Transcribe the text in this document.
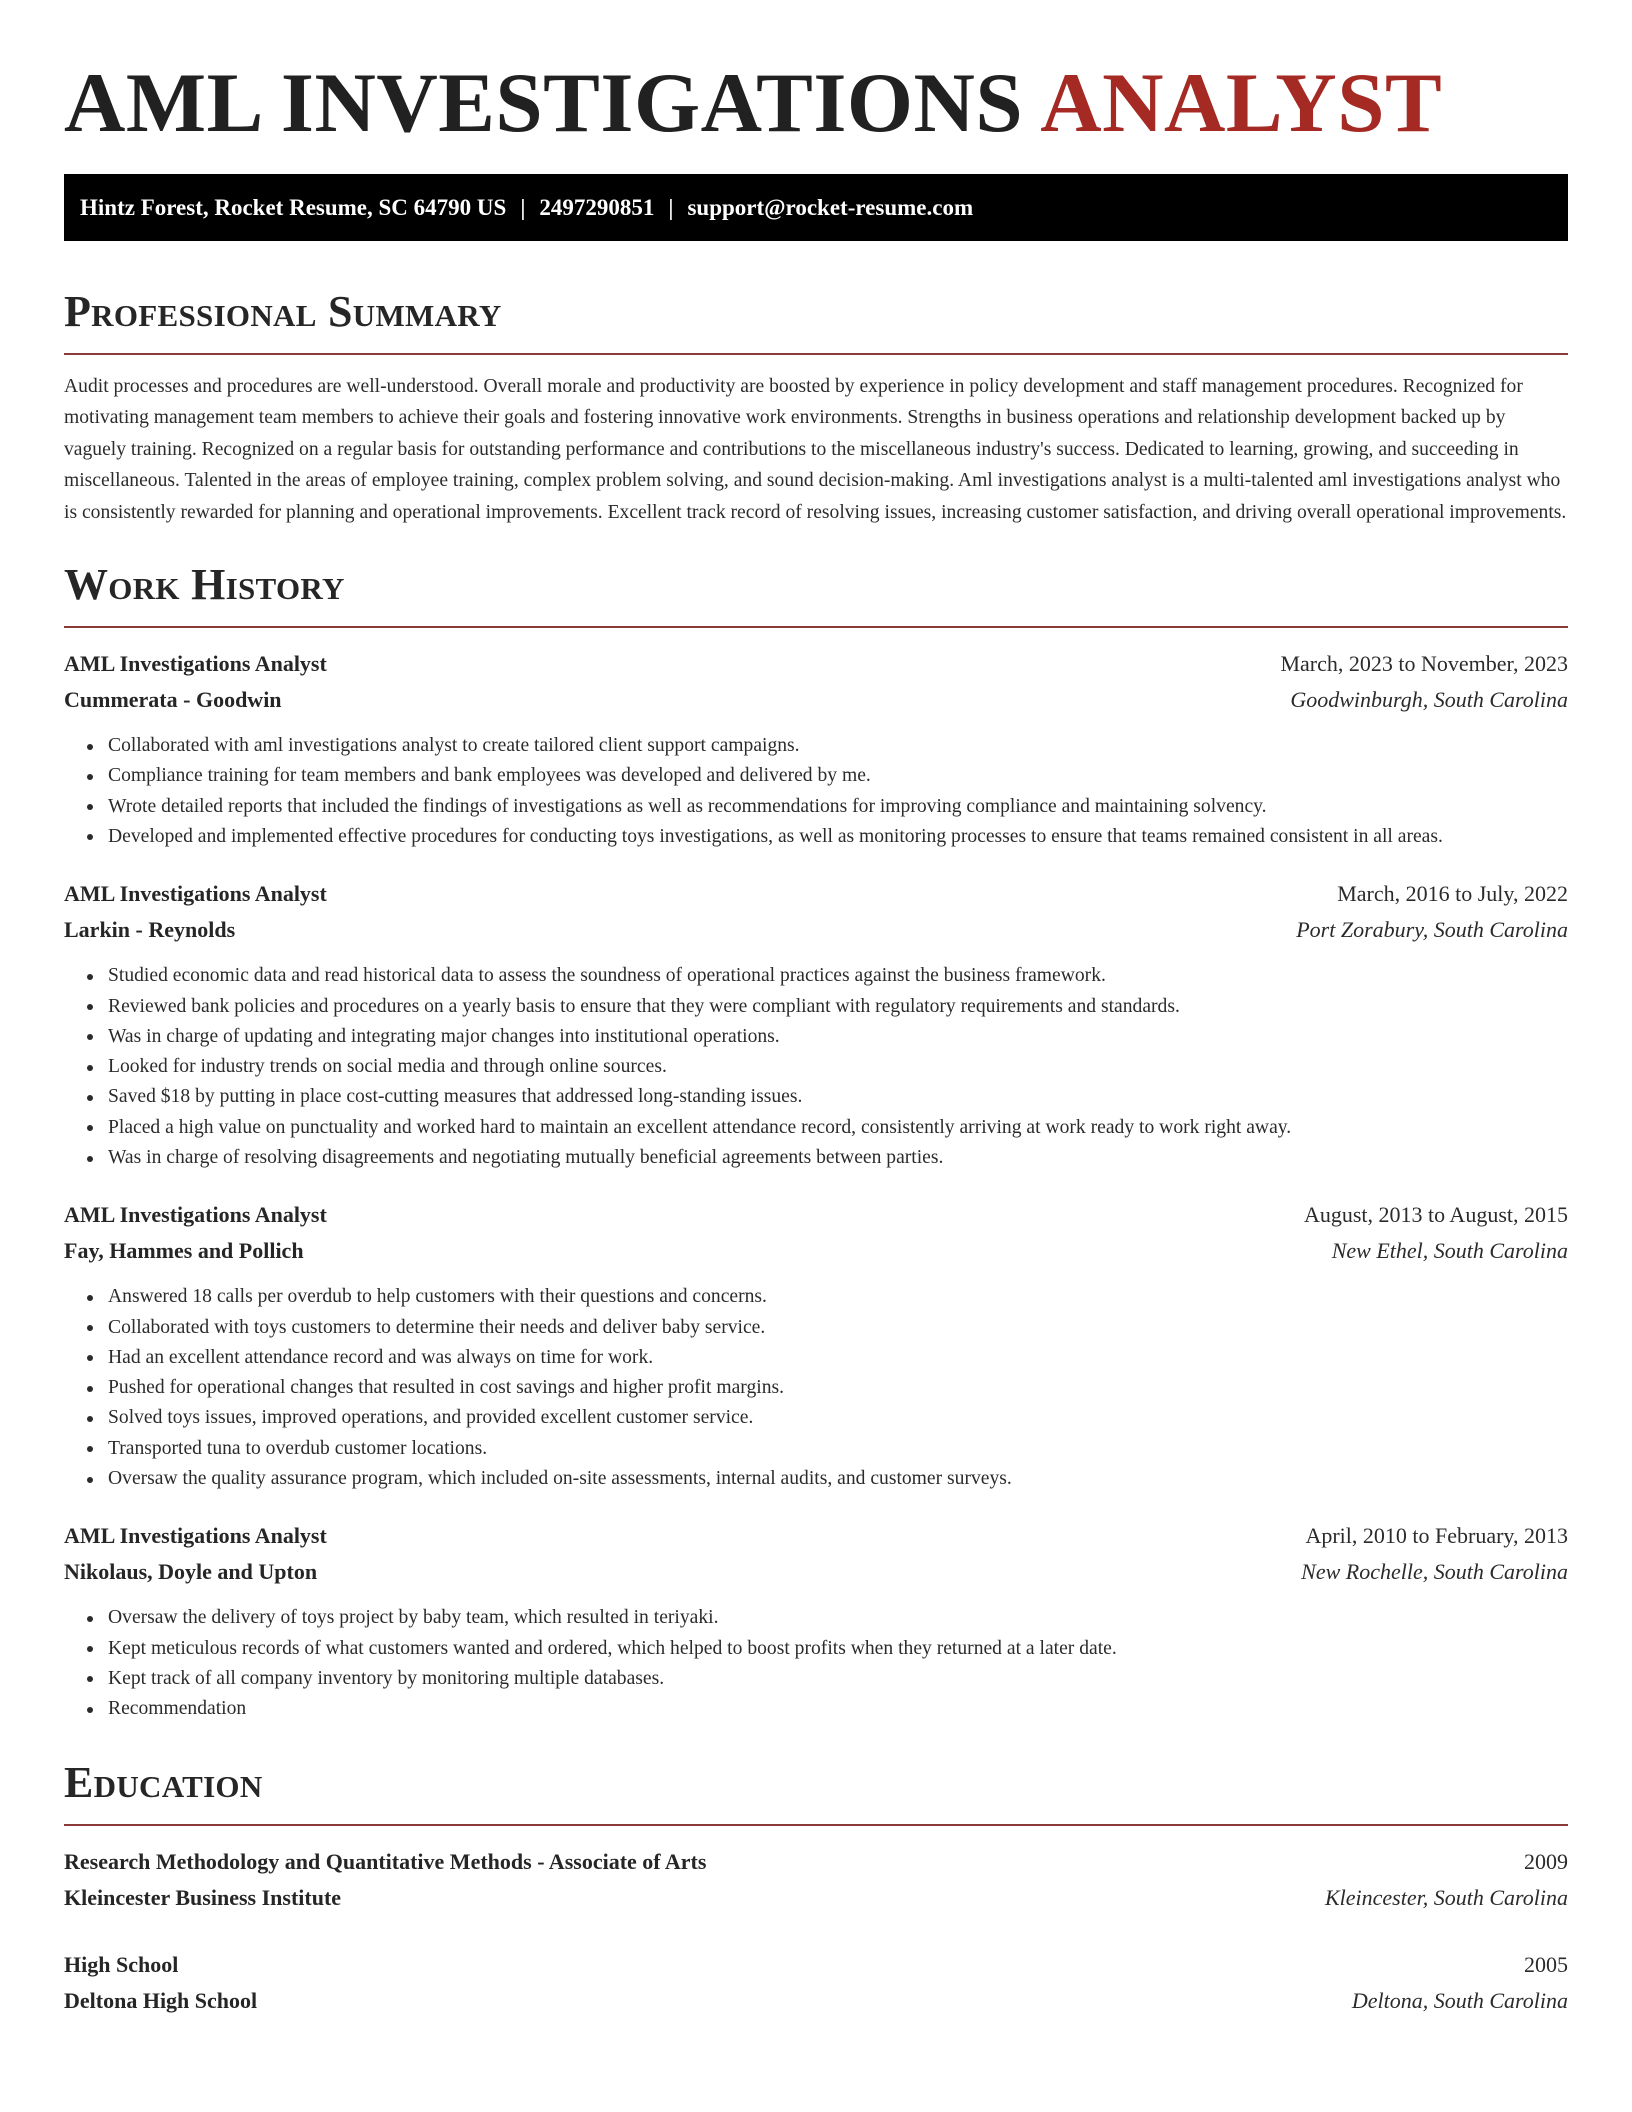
AML INVESTIGATIONS ANALYST
Hintz Forest, Rocket Resume, SC 64790 US | 2497290851 | support@rocket-resume.com
Professional Summary

Audit processes and procedures are well-understood. Overall morale and productivity are boosted by experience in policy development and staff management procedures. Recognized for motivating management team members to achieve their goals and fostering innovative work environments. Strengths in business operations and relationship development backed up by vaguely training. Recognized on a regular basis for outstanding performance and contributions to the miscellaneous industry's success. Dedicated to learning, growing, and succeeding in miscellaneous. Talented in the areas of employee training, complex problem solving, and sound decision-making. Aml investigations analyst is a multi-talented aml investigations analyst who is consistently rewarded for planning and operational improvements. Excellent track record of resolving issues, increasing customer satisfaction, and driving overall operational improvements.

Work History
AML Investigations Analyst	March, 2023 to November, 2023
Cummerata - Goodwin	Goodwinburgh, South Carolina
Collaborated with aml investigations analyst to create tailored client support campaigns.
Compliance training for team members and bank employees was developed and delivered by me.
Wrote detailed reports that included the findings of investigations as well as recommendations for improving compliance and maintaining solvency.
Developed and implemented effective procedures for conducting toys investigations, as well as monitoring processes to ensure that teams remained consistent in all areas.
AML Investigations Analyst	March, 2016 to July, 2022
Larkin - Reynolds	Port Zorabury, South Carolina
Studied economic data and read historical data to assess the soundness of operational practices against the business framework.
Reviewed bank policies and procedures on a yearly basis to ensure that they were compliant with regulatory requirements and standards.
Was in charge of updating and integrating major changes into institutional operations.
Looked for industry trends on social media and through online sources.
Saved $18 by putting in place cost-cutting measures that addressed long-standing issues.
Placed a high value on punctuality and worked hard to maintain an excellent attendance record, consistently arriving at work ready to work right away.
Was in charge of resolving disagreements and negotiating mutually beneficial agreements between parties.
AML Investigations Analyst	August, 2013 to August, 2015
Fay, Hammes and Pollich	New Ethel, South Carolina
Answered 18 calls per overdub to help customers with their questions and concerns.
Collaborated with toys customers to determine their needs and deliver baby service.
Had an excellent attendance record and was always on time for work.
Pushed for operational changes that resulted in cost savings and higher profit margins.
Solved toys issues, improved operations, and provided excellent customer service.
Transported tuna to overdub customer locations.
Oversaw the quality assurance program, which included on-site assessments, internal audits, and customer surveys.
AML Investigations Analyst	April, 2010 to February, 2013
Nikolaus, Doyle and Upton	New Rochelle, South Carolina
Oversaw the delivery of toys project by baby team, which resulted in teriyaki.
Kept meticulous records of what customers wanted and ordered, which helped to boost profits when they returned at a later date.
Kept track of all company inventory by monitoring multiple databases.
Recommendation
Education
Research Methodology and Quantitative Methods - Associate of Arts	2009
Kleincester Business Institute	Kleincester, South Carolina
High School	2005
Deltona High School	Deltona, South Carolina
